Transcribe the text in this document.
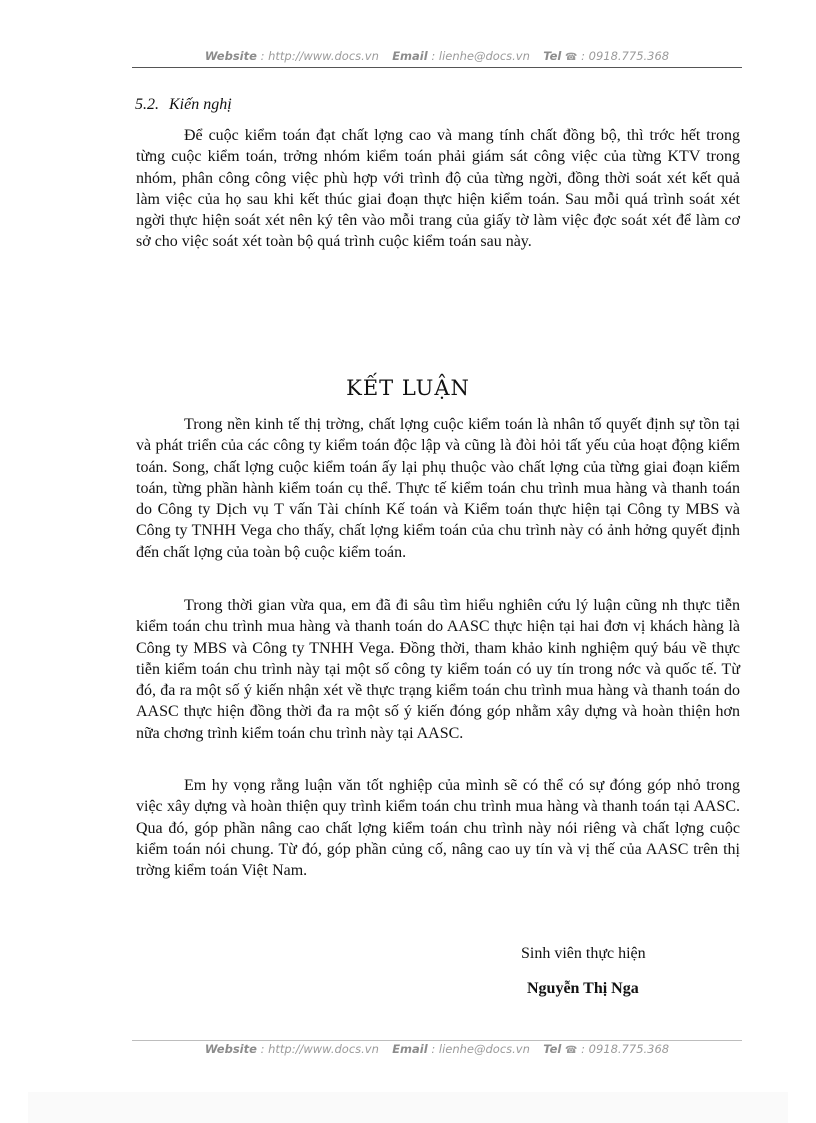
Website : http://www.docs.vn Email : lienhe@docs.vn Tel ☎ : 0918.775.368
5.2. Kiến nghị

Để cuộc kiểm toán đạt chất lợng cao và mang tính chất đồng bộ, thì trớc hết trong từng cuộc kiểm toán, trởng nhóm kiểm toán phải giám sát công việc của từng KTV trong nhóm, phân công công việc phù hợp với trình độ của từng ngời, đồng thời soát xét kết quả làm việc của họ sau khi kết thúc giai đoạn thực hiện kiểm toán. Sau mỗi quá trình soát xét ngời thực hiện soát xét nên ký tên vào mỗi trang của giấy tờ làm việc đợc soát xét để làm cơ sở cho việc soát xét toàn bộ quá trình cuộc kiểm toán sau này.

KẾT LUẬN

Trong nền kinh tế thị trờng, chất lợng cuộc kiểm toán là nhân tố quyết định sự tồn tại và phát triển của các công ty kiểm toán độc lập và cũng là đòi hỏi tất yếu của hoạt động kiểm toán. Song, chất lợng cuộc kiểm toán ấy lại phụ thuộc vào chất lợng của từng giai đoạn kiểm toán, từng phần hành kiểm toán cụ thể. Thực tế kiểm toán chu trình mua hàng và thanh toán do Công ty Dịch vụ T vấn Tài chính Kế toán và Kiểm toán thực hiện tại Công ty MBS và Công ty TNHH Vega cho thấy, chất lợng kiểm toán của chu trình này có ảnh hởng quyết định đến chất lợng của toàn bộ cuộc kiểm toán.

Trong thời gian vừa qua, em đã đi sâu tìm hiểu nghiên cứu lý luận cũng nh thực tiễn kiểm toán chu trình mua hàng và thanh toán do AASC thực hiện tại hai đơn vị khách hàng là Công ty MBS và Công ty TNHH Vega. Đồng thời, tham khảo kinh nghiệm quý báu về thực tiễn kiểm toán chu trình này tại một số công ty kiểm toán có uy tín trong nớc và quốc tế. Từ đó, đa ra một số ý kiến nhận xét về thực trạng kiểm toán chu trình mua hàng và thanh toán do AASC thực hiện đồng thời đa ra một số ý kiến đóng góp nhằm xây dựng và hoàn thiện hơn nữa chơng trình kiểm toán chu trình này tại AASC.

Em hy vọng rằng luận văn tốt nghiệp của mình sẽ có thể có sự đóng góp nhỏ trong việc xây dựng và hoàn thiện quy trình kiểm toán chu trình mua hàng và thanh toán tại AASC. Qua đó, góp phần nâng cao chất lợng kiểm toán chu trình này nói riêng và chất lợng cuộc kiểm toán nói chung. Từ đó, góp phần củng cố, nâng cao uy tín và vị thế của AASC trên thị trờng kiểm toán Việt Nam.

Sinh viên thực hiện
Nguyễn Thị Nga
Website : http://www.docs.vn Email : lienhe@docs.vn Tel ☎ : 0918.775.368
